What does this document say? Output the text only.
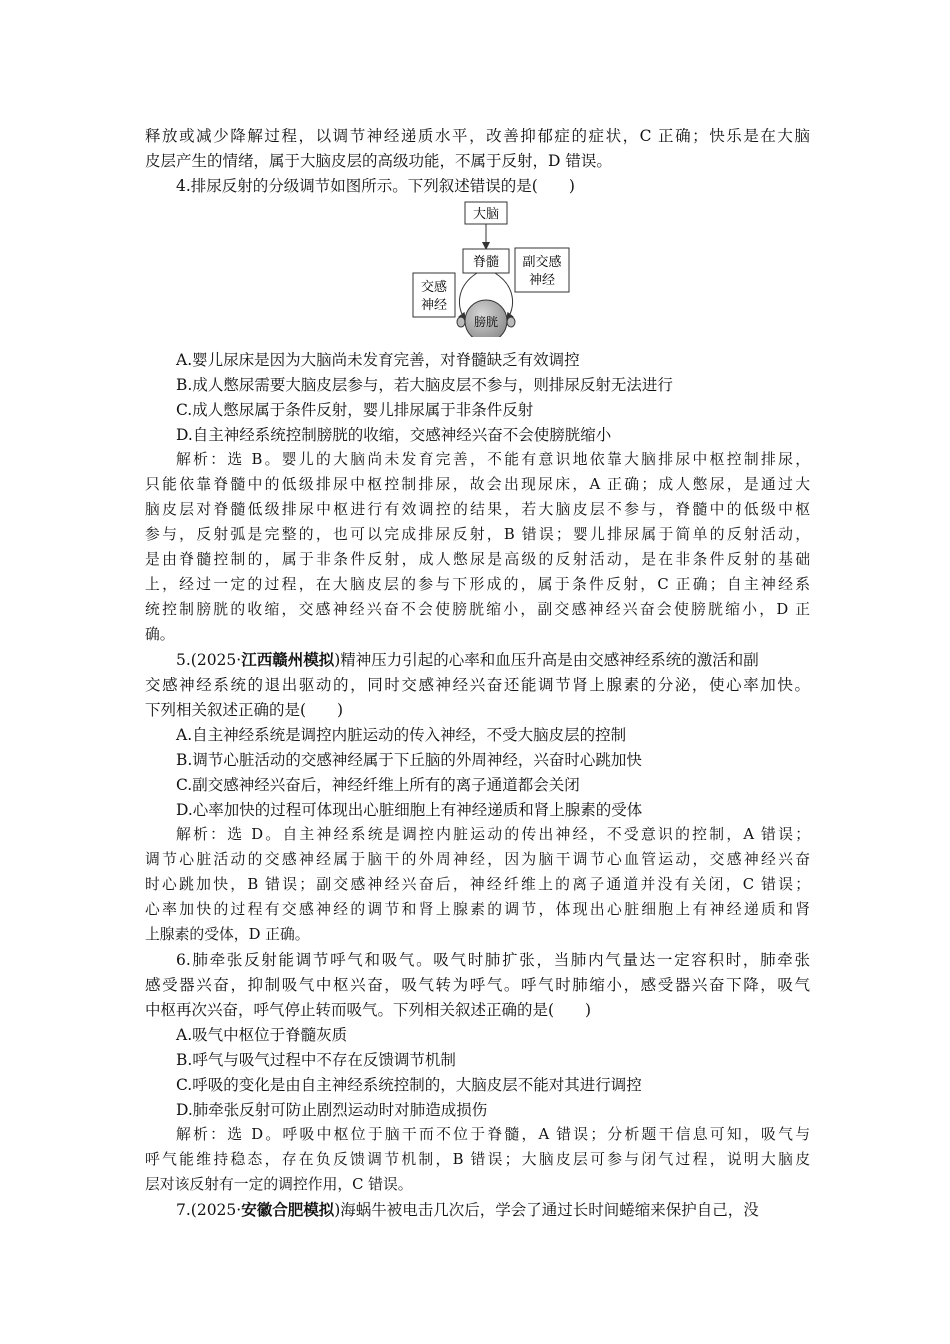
释放或减少降解过程，以调节神经递质水平，改善抑郁症的症状，C 正确；快乐是在大脑
皮层产生的情绪，属于大脑皮层的高级功能，不属于反射，D 错误。
4.排尿反射的分级调节如图所示。下列叙述错误的是(　　)
大脑
脊髓 副交感
神经
交感
神经
膀胱
A.婴儿尿床是因为大脑尚未发育完善，对脊髓缺乏有效调控
B.成人憋尿需要大脑皮层参与，若大脑皮层不参与，则排尿反射无法进行
C.成人憋尿属于条件反射，婴儿排尿属于非条件反射
D.自主神经系统控制膀胱的收缩，交感神经兴奋不会使膀胱缩小
解析：选 B。婴儿的大脑尚未发育完善，不能有意识地依靠大脑排尿中枢控制排尿，
只能依靠脊髓中的低级排尿中枢控制排尿，故会出现尿床，A 正确；成人憋尿，是通过大
脑皮层对脊髓低级排尿中枢进行有效调控的结果，若大脑皮层不参与，脊髓中的低级中枢
参与，反射弧是完整的，也可以完成排尿反射，B 错误；婴儿排尿属于简单的反射活动，
是由脊髓控制的，属于非条件反射，成人憋尿是高级的反射活动，是在非条件反射的基础
上，经过一定的过程，在大脑皮层的参与下形成的，属于条件反射，C 正确；自主神经系
统控制膀胱的收缩，交感神经兴奋不会使膀胱缩小，副交感神经兴奋会使膀胱缩小，D 正
确。
5.(2025·江西赣州模拟)精神压力引起的心率和血压升高是由交感神经系统的激活和副
交感神经系统的退出驱动的，同时交感神经兴奋还能调节肾上腺素的分泌，使心率加快。
下列相关叙述正确的是(　　)
A.自主神经系统是调控内脏运动的传入神经，不受大脑皮层的控制
B.调节心脏活动的交感神经属于下丘脑的外周神经，兴奋时心跳加快
C.副交感神经兴奋后，神经纤维上所有的离子通道都会关闭
D.心率加快的过程可体现出心脏细胞上有神经递质和肾上腺素的受体
解析：选 D。自主神经系统是调控内脏运动的传出神经，不受意识的控制，A 错误；
调节心脏活动的交感神经属于脑干的外周神经，因为脑干调节心血管运动，交感神经兴奋
时心跳加快，B 错误；副交感神经兴奋后，神经纤维上的离子通道并没有关闭，C 错误；
心率加快的过程有交感神经的调节和肾上腺素的调节，体现出心脏细胞上有神经递质和肾
上腺素的受体，D 正确。
6.肺牵张反射能调节呼气和吸气。吸气时肺扩张，当肺内气量达一定容积时，肺牵张
感受器兴奋，抑制吸气中枢兴奋，吸气转为呼气。呼气时肺缩小，感受器兴奋下降，吸气
中枢再次兴奋，呼气停止转而吸气。下列相关叙述正确的是(　　)
A.吸气中枢位于脊髓灰质
B.呼气与吸气过程中不存在反馈调节机制
C.呼吸的变化是由自主神经系统控制的，大脑皮层不能对其进行调控
D.肺牵张反射可防止剧烈运动时对肺造成损伤
解析：选 D。呼吸中枢位于脑干而不位于脊髓，A 错误；分析题干信息可知，吸气与
呼气能维持稳态，存在负反馈调节机制，B 错误；大脑皮层可参与闭气过程，说明大脑皮
层对该反射有一定的调控作用，C 错误。
7.(2025·安徽合肥模拟)海蜗牛被电击几次后，学会了通过长时间蜷缩来保护自己，没
